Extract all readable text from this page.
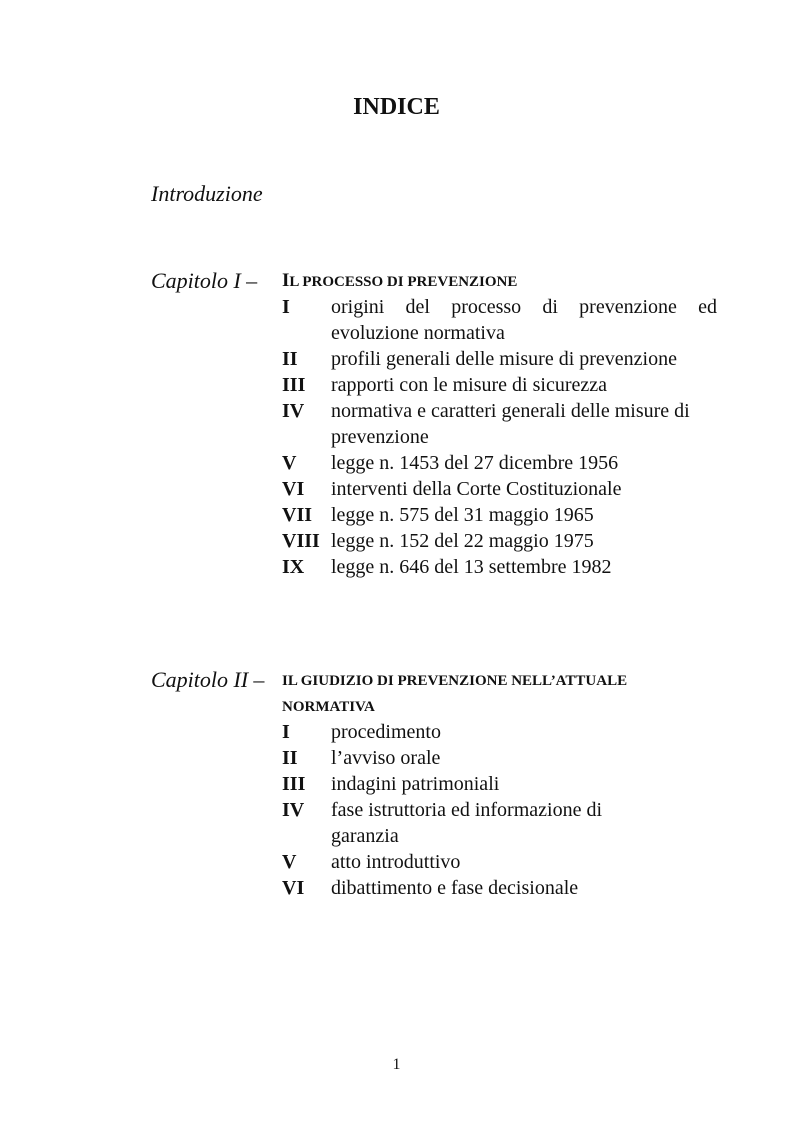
INDICE
Introduzione
Capitolo I – IL PROCESSO DI PREVENZIONE
I	origini del processo di prevenzione ed evoluzione normativa
II	profili generali delle misure di prevenzione
III	rapporti con le misure di sicurezza
IV	normativa e caratteri generali delle misure di prevenzione
V	legge n. 1453 del 27 dicembre 1956
VI	interventi della Corte Costituzionale
VII legge n. 575 del 31 maggio 1965
VIII legge n. 152 del 22 maggio 1975
IX	legge n. 646 del 13 settembre 1982
Capitolo II – IL GIUDIZIO DI PREVENZIONE NELL’ATTUALE NORMATIVA
I	procedimento
II	l’avviso orale
III	indagini patrimoniali
IV	fase istruttoria ed informazione di garanzia
V	atto introduttivo
VI	dibattimento e fase decisionale
1
